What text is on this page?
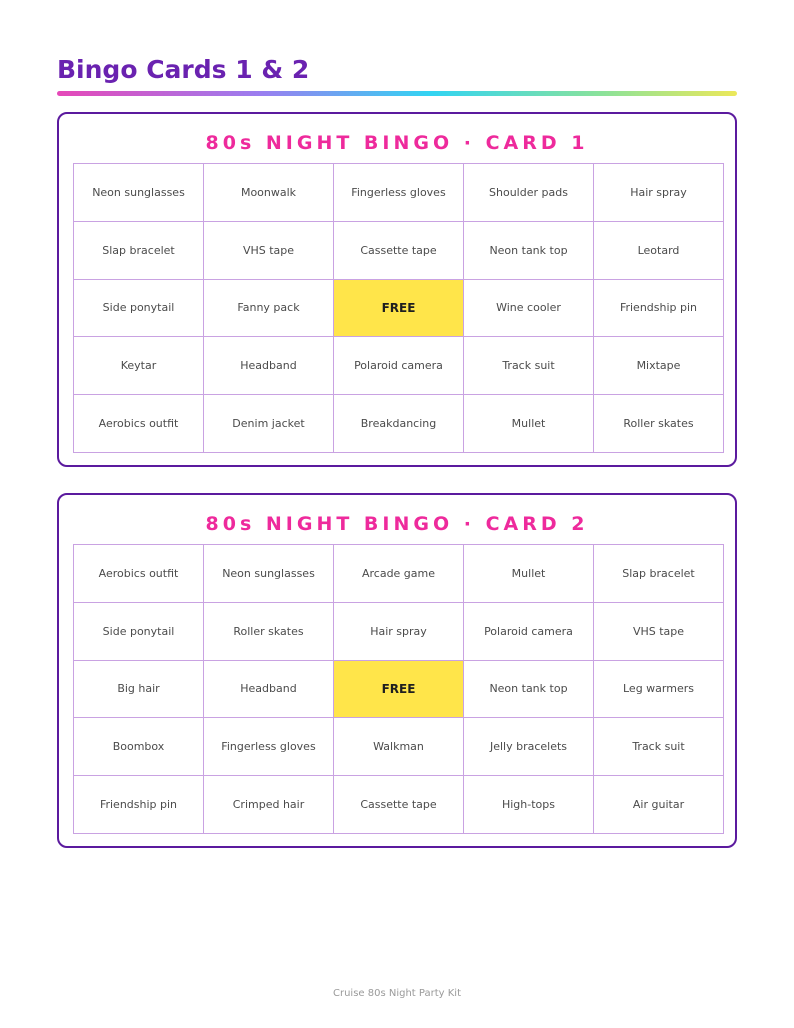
Bingo Cards 1 & 2
80s NIGHT BINGO · CARD 1
Neon sunglasses	Moonwalk	Fingerless gloves	Shoulder pads	Hair spray
Slap bracelet	VHS tape	Cassette tape	Neon tank top	Leotard
Side ponytail	Fanny pack	FREE	Wine cooler	Friendship pin
Keytar	Headband	Polaroid camera	Track suit	Mixtape
Aerobics outfit	Denim jacket	Breakdancing	Mullet	Roller skates
80s NIGHT BINGO · CARD 2
Aerobics outfit	Neon sunglasses	Arcade game	Mullet	Slap bracelet
Side ponytail	Roller skates	Hair spray	Polaroid camera	VHS tape
Big hair	Headband	FREE	Neon tank top	Leg warmers
Boombox	Fingerless gloves	Walkman	Jelly bracelets	Track suit
Friendship pin	Crimped hair	Cassette tape	High-tops	Air guitar
Cruise 80s Night Party Kit
